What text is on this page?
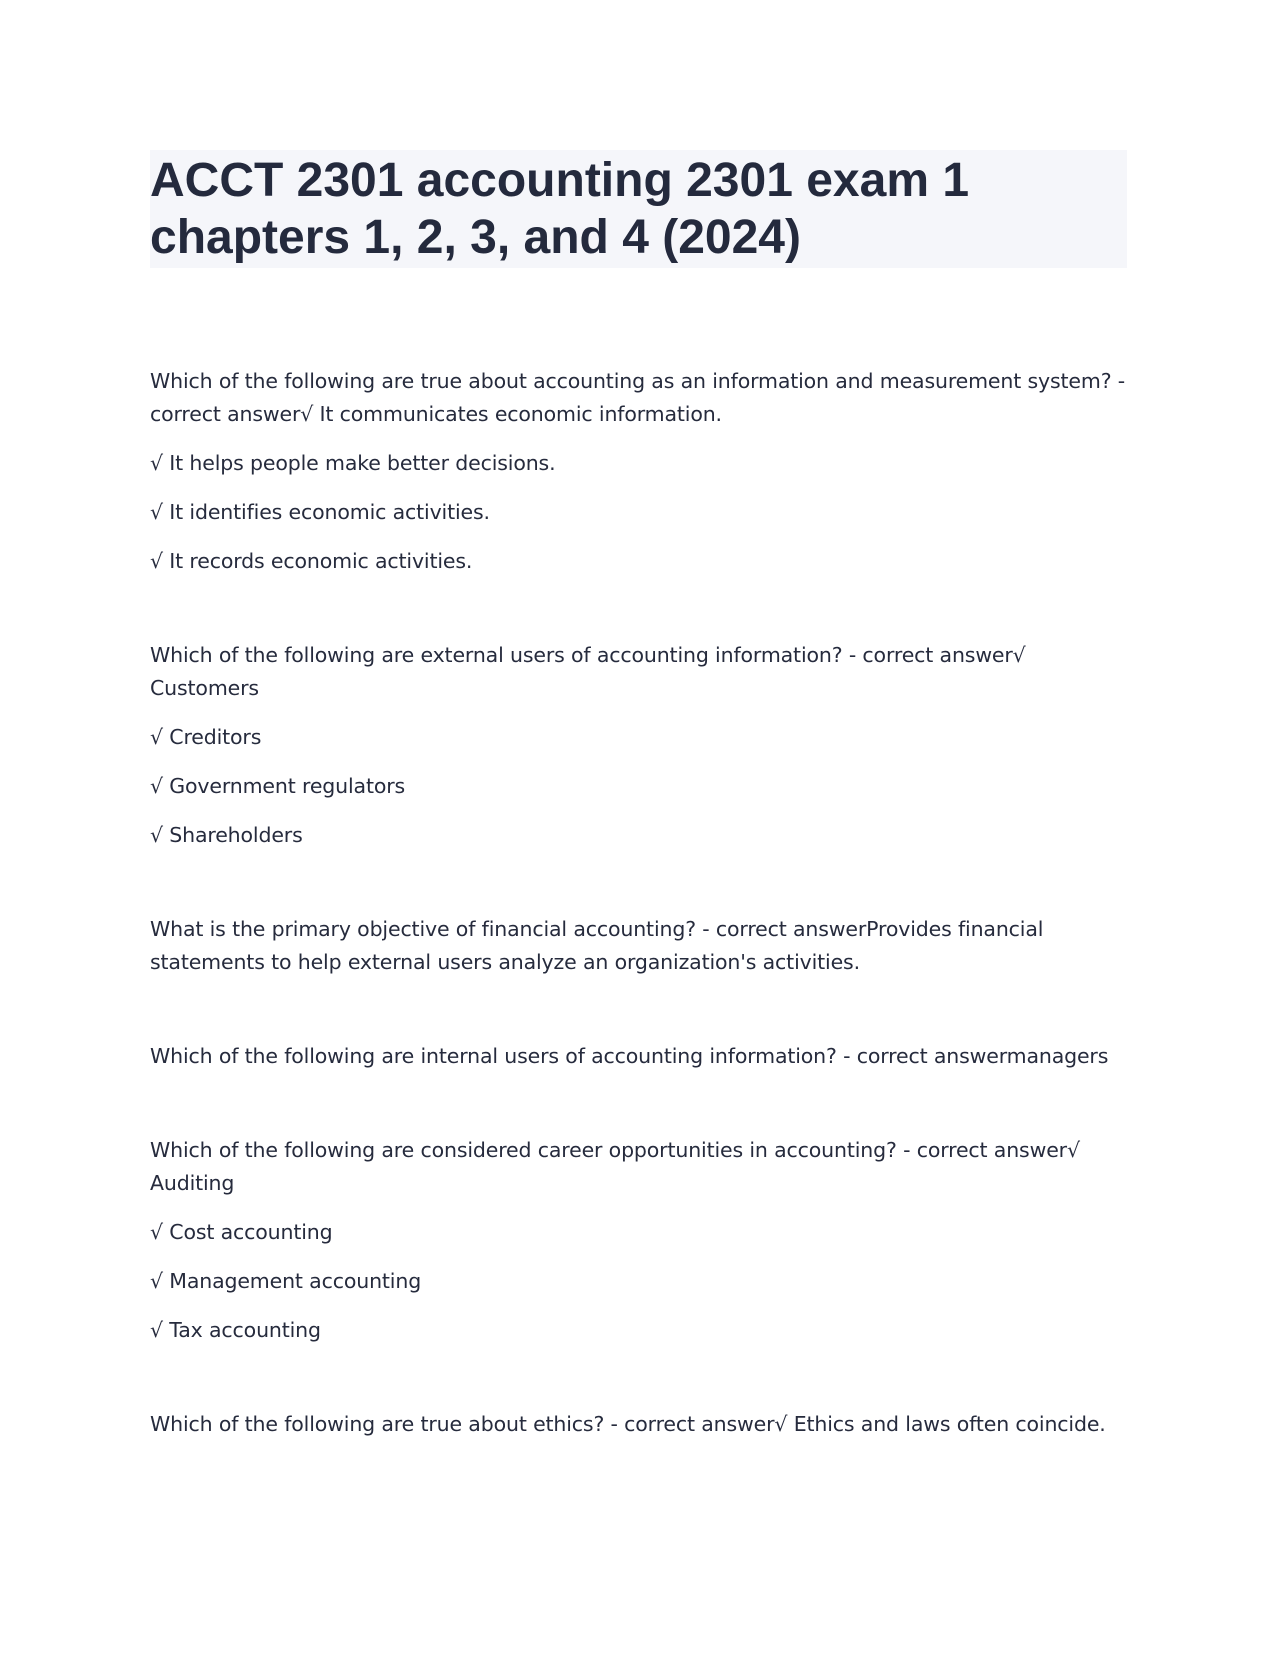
ACCT 2301 accounting 2301 exam 1
chapters 1, 2, 3, and 4 (2024)

Which of the following are true about accounting as an information and measurement system? - correct answer√ It communicates economic information.

√ It helps people make better decisions.

√ It identifies economic activities.

√ It records economic activities.

Which of the following are external users of accounting information? - correct answer√ Customers

√ Creditors

√ Government regulators

√ Shareholders

What is the primary objective of financial accounting? - correct answerProvides financial statements to help external users analyze an organization's activities.

Which of the following are internal users of accounting information? - correct answermanagers

Which of the following are considered career opportunities in accounting? - correct answer√ Auditing

√ Cost accounting

√ Management accounting

√ Tax accounting

Which of the following are true about ethics? - correct answer√ Ethics and laws often coincide.
